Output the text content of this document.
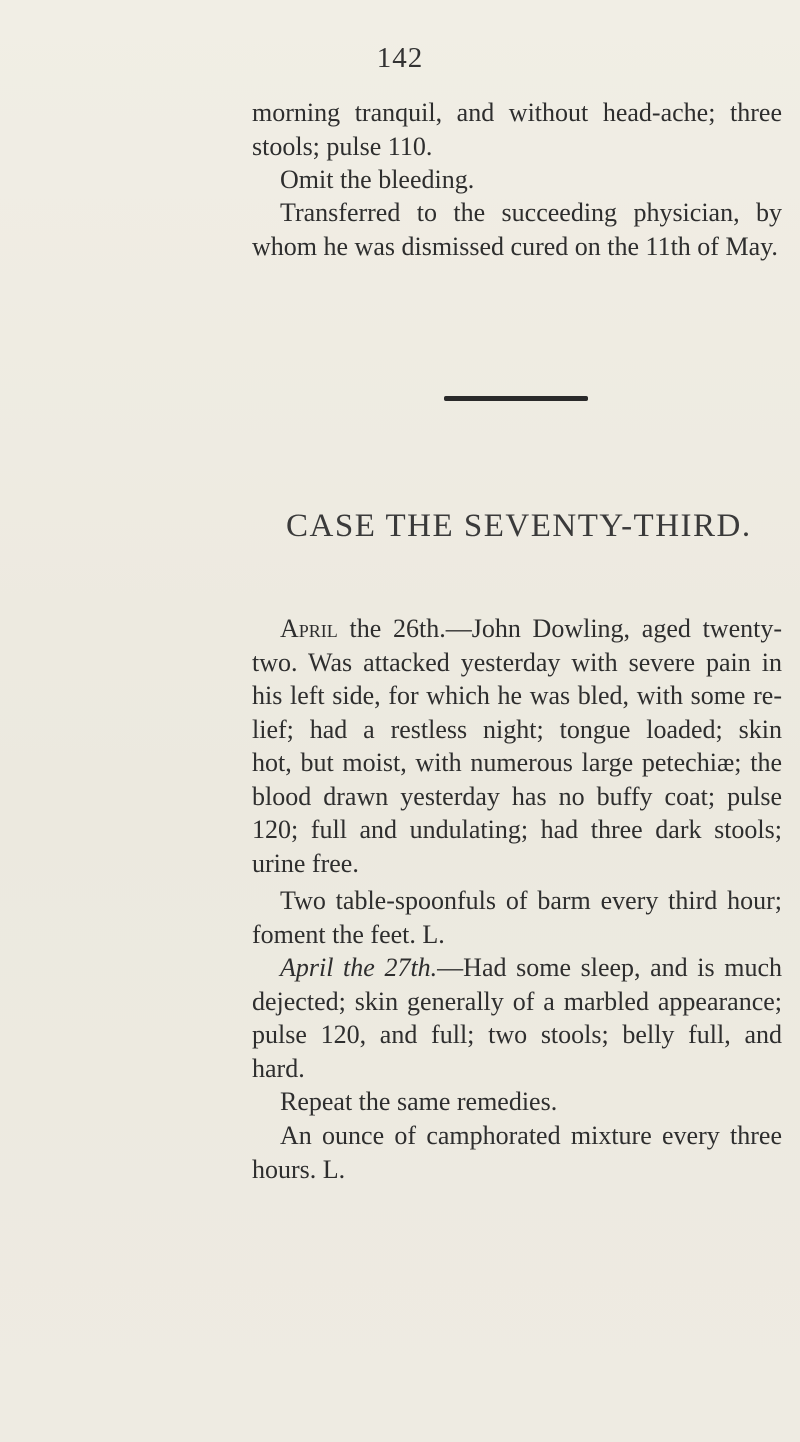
142
morning tranquil, and without head-ache; three
stools; pulse 110.
Omit the bleeding.
Transferred to the succeeding physician, by
whom he was dismissed cured on the 11th of May.
CASE THE SEVENTY-THIRD.
April the 26th.—John Dowling, aged twenty-
two. Was attacked yesterday with severe pain in
his left side, for which he was bled, with some re-
lief; had a restless night; tongue loaded; skin
hot, but moist, with numerous large petechiæ; the
blood drawn yesterday has no buffy coat; pulse
120; full and undulating; had three dark stools;
urine free.
Two table-spoonfuls of barm every third hour;
foment the feet. L.
April the 27th.—Had some sleep, and is much
dejected; skin generally of a marbled appearance;
pulse 120, and full; two stools; belly full, and
hard.
Repeat the same remedies.
An ounce of camphorated mixture every three
hours. L.
